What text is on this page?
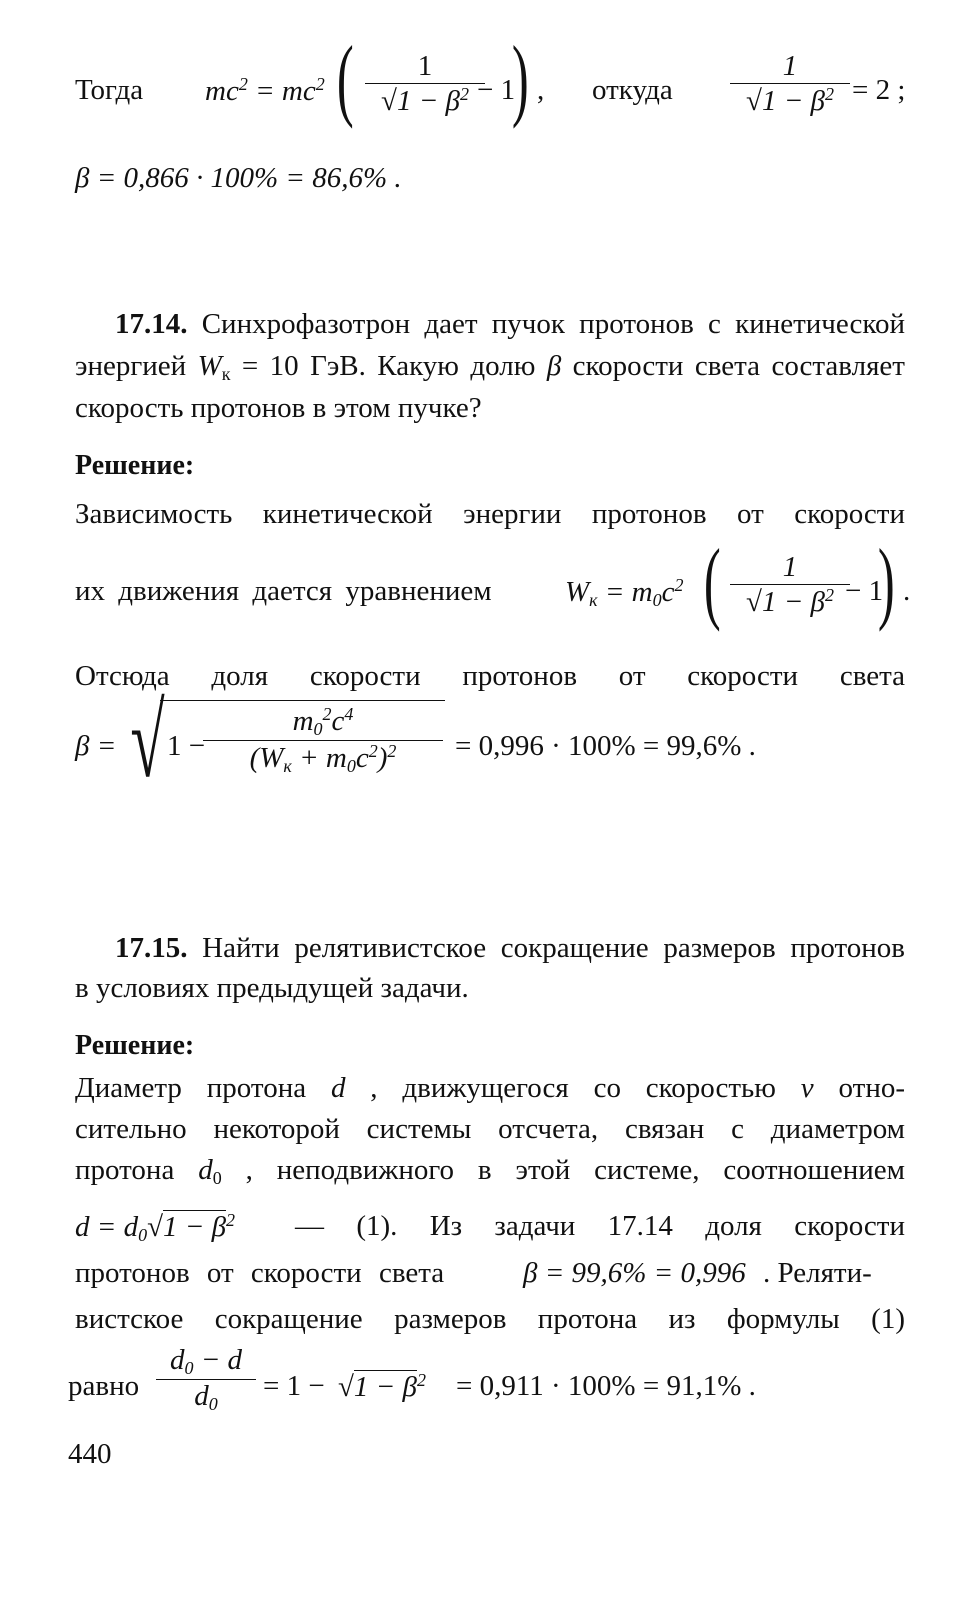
Тогда $mc^2 = mc^2$ ( $\frac{1}{√1 - \beta^2}$
− 1
) , откуда $\frac{1}{√1 - \beta^2} = 2$ ;
β = 0,866 · 100% = 86,6% .
17.14. Синхрофазотрон дает пучок протонов с кинетической
энергией $W_к = 10$ ГэВ. Какую долю β скорости света составляет
скорость протонов в этом пучке?
Решение:
Зависимость кинетической энергии протонов от скорости
их движения дается уравнением	$W_к = m_0c^2$ ( $\frac{1}{√1 - \beta^2}$
− 1
) .
Отсюда доля скорости протонов от скорости света
β = √ 1 −
$m_0^2c^4$
$(W_к + m_0c^2)^2$	= 0,996 · 100% = 99,6% .
17.15. Найти релятивистское сокращение размеров протонов
в условиях предыдущей задачи.
Решение:
Диаметр протона d , движущегося со скоростью v отно-
сительно некоторой системы отсчета, связан с диаметром
протона $d_0$ , неподвижного в этой системе, соотношением
$d = d_0√1 - \beta^2$ — (1). Из задачи 17.14 доля скорости
протонов от скорости света	β = 99,6% = 0,996 . Реляти-
вистское сокращение размеров протона из формулы (1)
равно $\frac{d_0 - d}{d_0} = 1 - √1 - \beta^2 = 0,911 \cdot 100\% = 91,1\%$ .
440
